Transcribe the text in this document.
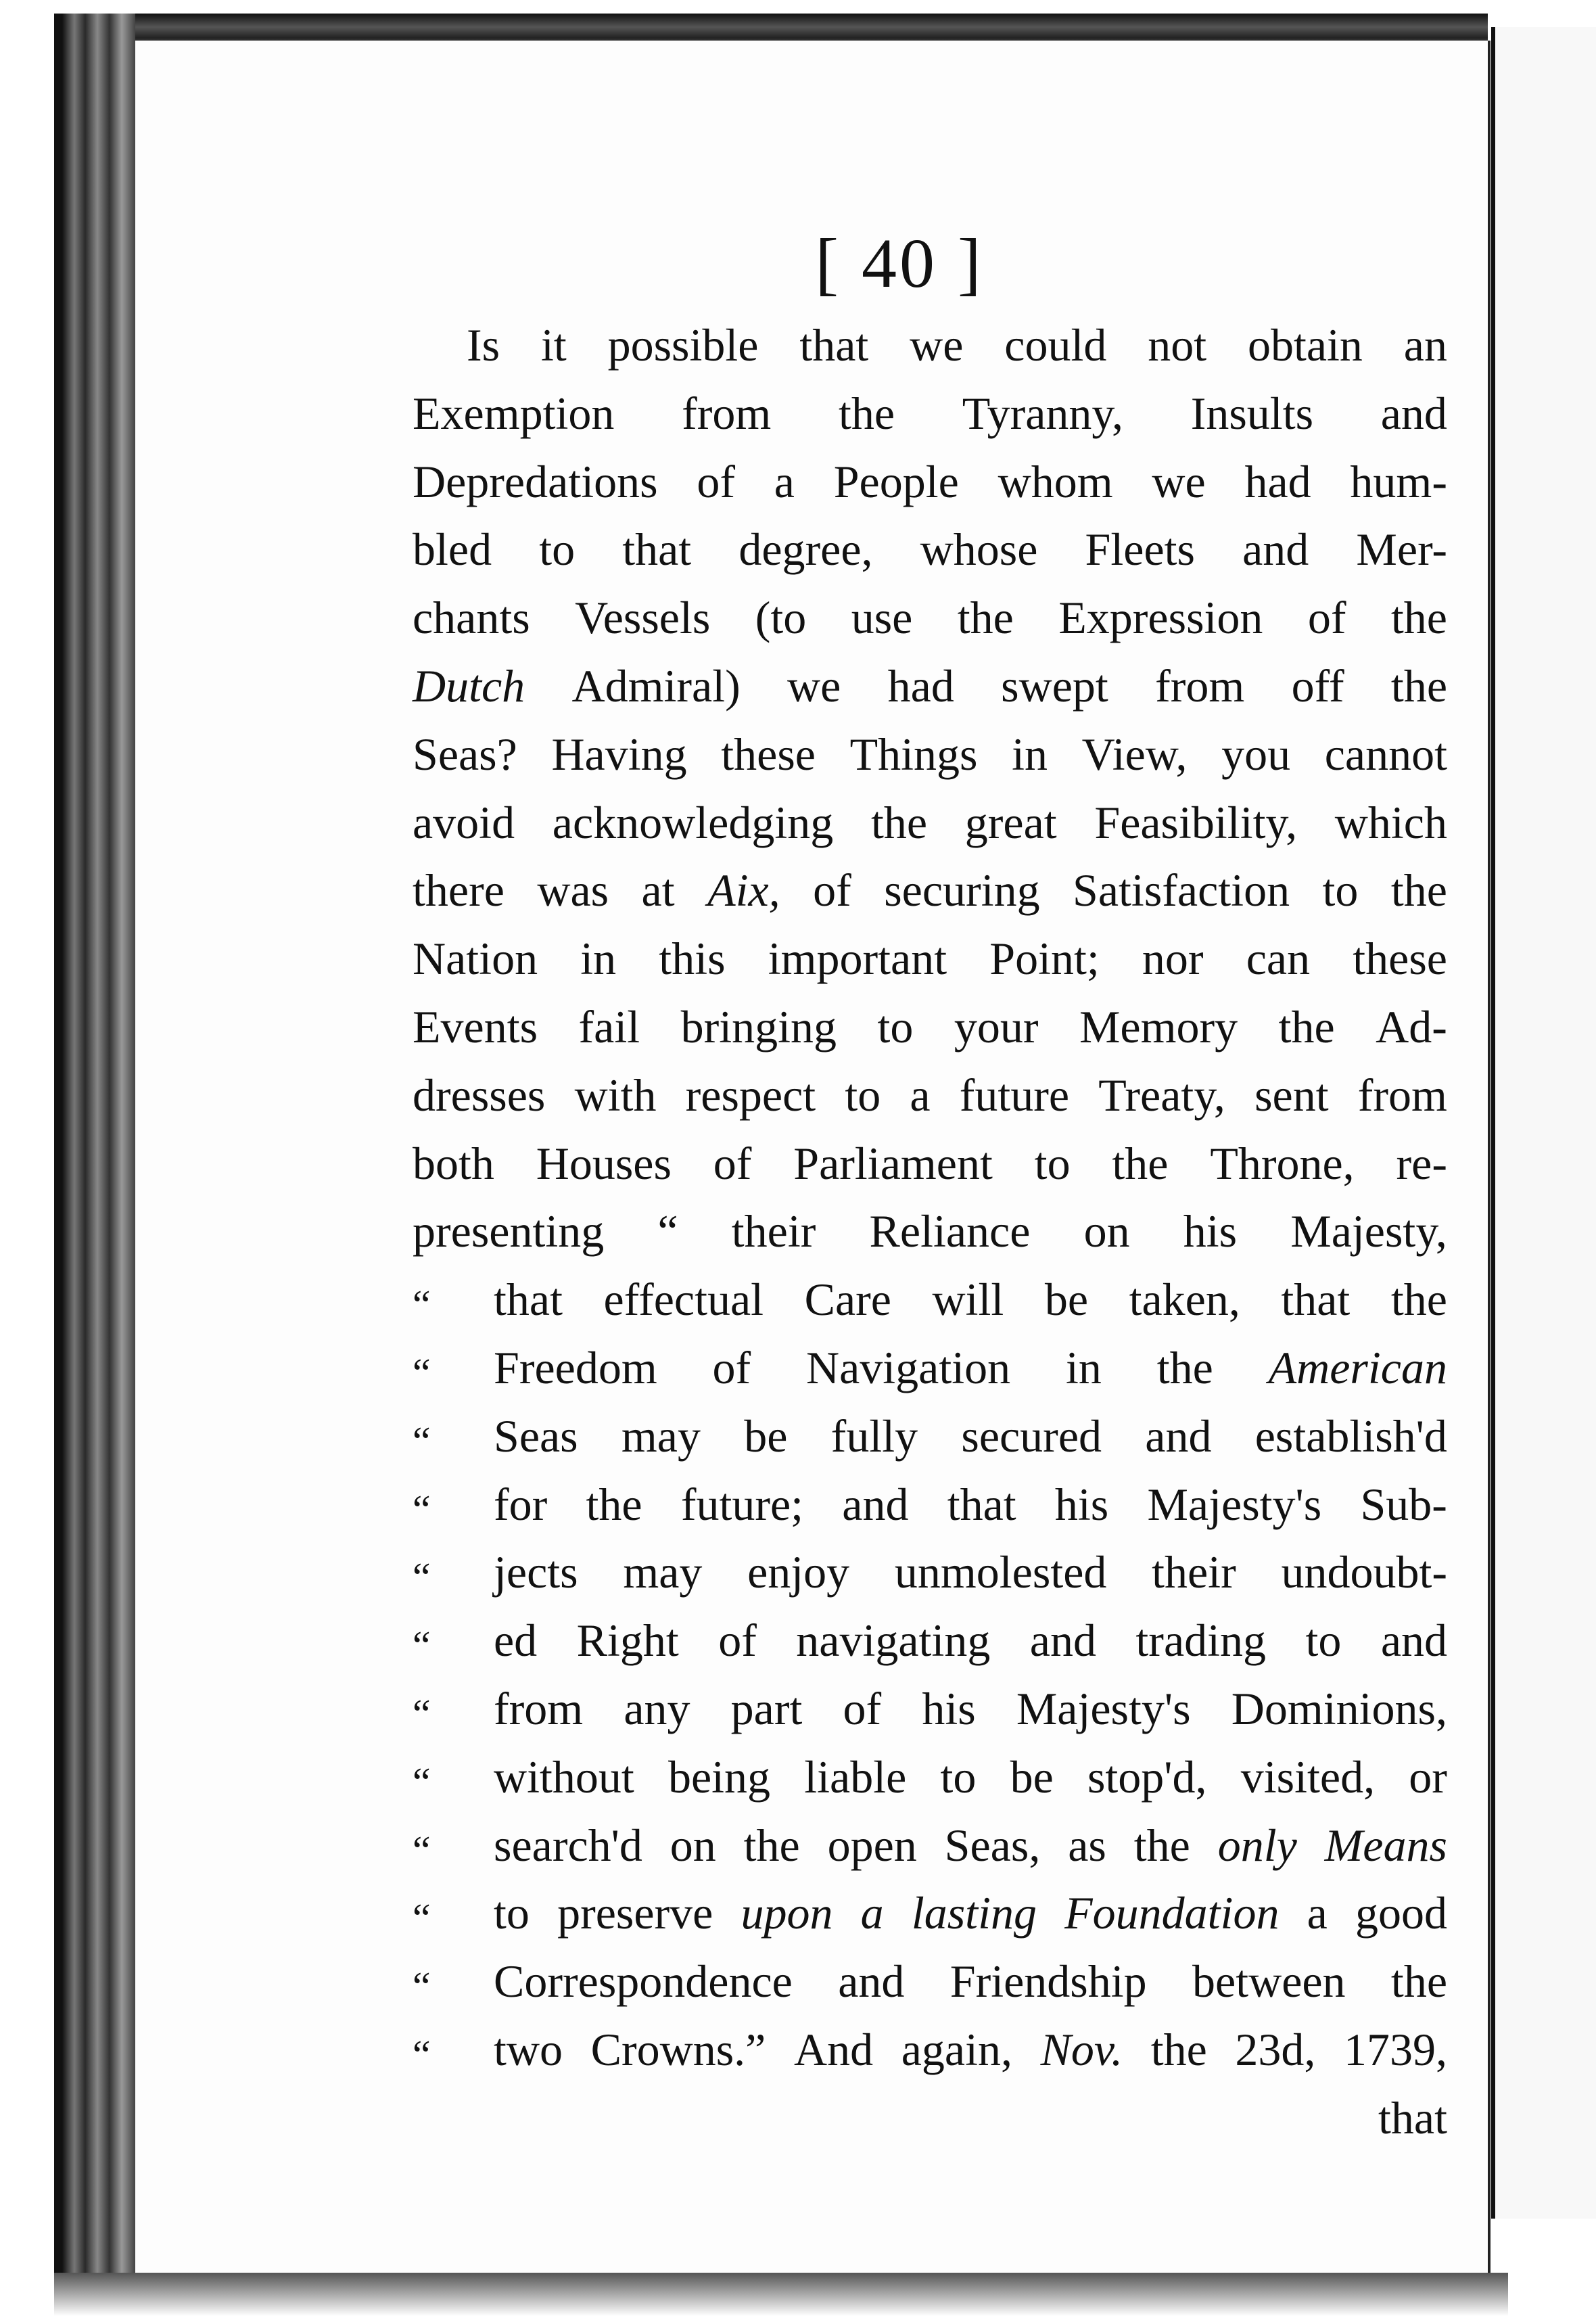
[ 40 ]
Is it possible that we could not obtain an
Exemption from the Tyranny, Insults and
Depredations of a People whom we had hum-
bled to that degree, whose Fleets and Mer-
chants Vessels (to use the Expression of the
Dutch Admiral) we had swept from off the
Seas? Having these Things in View, you cannot
avoid acknowledging the great Feasibility, which
there was at Aix, of securing Satisfaction to the
Nation in this important Point; nor can these
Events fail bringing to your Memory the Ad-
dresses with respect to a future Treaty, sent from
both Houses of Parliament to the Throne, re-
presenting “ their Reliance on his Majesty,
“	that effectual Care will be taken, that the
“	Freedom of Navigation in the American
“	Seas may be fully secured and establish'd
“	for the future; and that his Majesty's Sub-
“	jects may enjoy unmolested their undoubt-
“	ed Right of navigating and trading to and
“	from any part of his Majesty's Dominions,
“	without being liable to be stop'd, visited, or
“	search'd on the open Seas, as the only Means
“	to preserve upon a lasting Foundation a good
“	Correspondence and Friendship between the
“	two Crowns.” And again, Nov. the 23d, 1739,
that
